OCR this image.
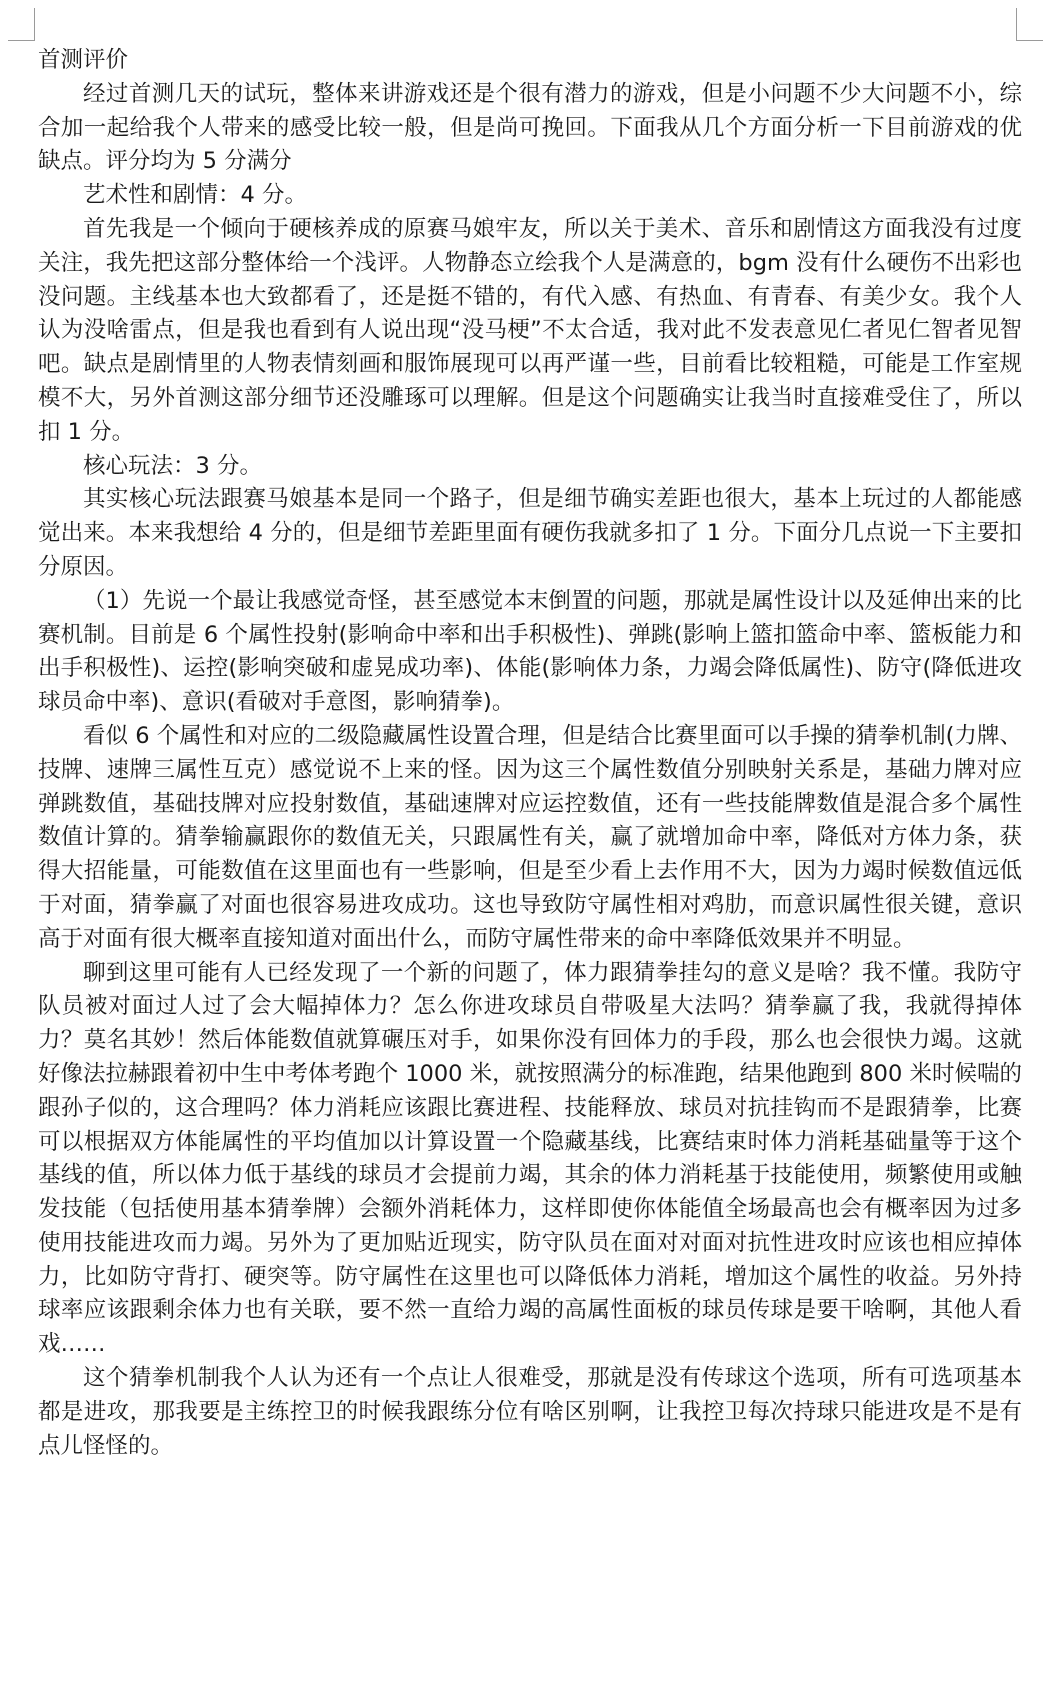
首测评价

经过首测几天的试玩，整体来讲游戏还是个很有潜力的游戏，但是小问题不少大问题不小，综合加一起给我个人带来的感受比较一般，但是尚可挽回。下面我从几个方面分析一下目前游戏的优缺点。评分均为 5 分满分

艺术性和剧情：4 分。

首先我是一个倾向于硬核养成的原赛马娘牢友，所以关于美术、音乐和剧情这方面我没有过度关注，我先把这部分整体给一个浅评。人物静态立绘我个人是满意的，bgm 没有什么硬伤不出彩也没问题。主线基本也大致都看了，还是挺不错的，有代入感、有热血、有青春、有美少女。我个人认为没啥雷点，但是我也看到有人说出现“没马梗”不太合适，我对此不发表意见仁者见仁智者见智吧。缺点是剧情里的人物表情刻画和服饰展现可以再严谨一些，目前看比较粗糙，可能是工作室规模不大，另外首测这部分细节还没雕琢可以理解。但是这个问题确实让我当时直接难受住了，所以扣 1 分。

核心玩法：3 分。

其实核心玩法跟赛马娘基本是同一个路子，但是细节确实差距也很大，基本上玩过的人都能感觉出来。本来我想给 4 分的，但是细节差距里面有硬伤我就多扣了 1 分。下面分几点说一下主要扣分原因。

（1）先说一个最让我感觉奇怪，甚至感觉本末倒置的问题，那就是属性设计以及延伸出来的比赛机制。目前是 6 个属性投射(影响命中率和出手积极性)、弹跳(影响上篮扣篮命中率、篮板能力和出手积极性)、运控(影响突破和虚晃成功率)、体能(影响体力条，力竭会降低属性)、防守(降低进攻球员命中率)、意识(看破对手意图，影响猜拳)。

看似 6 个属性和对应的二级隐藏属性设置合理，但是结合比赛里面可以手操的猜拳机制(力牌、技牌、速牌三属性互克）感觉说不上来的怪。因为这三个属性数值分别映射关系是，基础力牌对应弹跳数值，基础技牌对应投射数值，基础速牌对应运控数值，还有一些技能牌数值是混合多个属性数值计算的。猜拳输赢跟你的数值无关，只跟属性有关，赢了就增加命中率，降低对方体力条，获得大招能量，可能数值在这里面也有一些影响，但是至少看上去作用不大，因为力竭时候数值远低于对面，猜拳赢了对面也很容易进攻成功。这也导致防守属性相对鸡肋，而意识属性很关键，意识高于对面有很大概率直接知道对面出什么，而防守属性带来的命中率降低效果并不明显。

聊到这里可能有人已经发现了一个新的问题了，体力跟猜拳挂勾的意义是啥？我不懂。我防守队员被对面过人过了会大幅掉体力？怎么你进攻球员自带吸星大法吗？猜拳赢了我，我就得掉体力？莫名其妙！然后体能数值就算碾压对手，如果你没有回体力的手段，那么也会很快力竭。这就好像法拉赫跟着初中生中考体考跑个 1000 米，就按照满分的标准跑，结果他跑到 800 米时候喘的跟孙子似的，这合理吗？体力消耗应该跟比赛进程、技能释放、球员对抗挂钩而不是跟猜拳，比赛可以根据双方体能属性的平均值加以计算设置一个隐藏基线，比赛结束时体力消耗基础量等于这个基线的值，所以体力低于基线的球员才会提前力竭，其余的体力消耗基于技能使用，频繁使用或触发技能（包括使用基本猜拳牌）会额外消耗体力，这样即使你体能值全场最高也会有概率因为过多使用技能进攻而力竭。另外为了更加贴近现实，防守队员在面对对面对抗性进攻时应该也相应掉体力，比如防守背打、硬突等。防守属性在这里也可以降低体力消耗，增加这个属性的收益。另外持球率应该跟剩余体力也有关联，要不然一直给力竭的高属性面板的球员传球是要干啥啊，其他人看戏……

这个猜拳机制我个人认为还有一个点让人很难受，那就是没有传球这个选项，所有可选项基本都是进攻，那我要是主练控卫的时候我跟练分位有啥区别啊，让我控卫每次持球只能进攻是不是有点儿怪怪的。
